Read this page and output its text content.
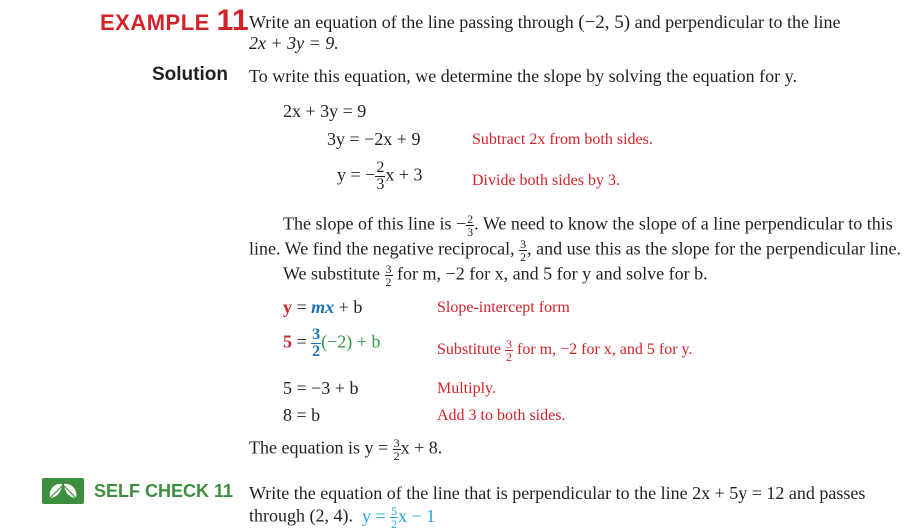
EXAMPLE 11 Write an equation of the line passing through (−2, 5) and perpendicular to the line
2x + 3y = 9.
Solution To write this equation, we determine the slope by solving the equation for y.
2x + 3y = 9
3y = −2x + 9	Subtract 2x from both sides.
y = − $\frac{2}{3}$ x + 3	Divide both sides by 3.
The slope of this line is − $\frac{2}{3}$ . We need to know the slope of a line perpendicular to this
line. We find the negative reciprocal, $\frac{3}{2}$ , and use this as the slope for the perpendicular line.
We substitute $\frac{3}{2}$ for m, −2 for x, and 5 for y and solve for b.
y = mx + b	Slope-intercept form
$5 = \frac{3}{2} (-2) + b$	Substitute $\frac{3}{2}$ for m, −2 for x, and 5 for y.
5 = −3 + b	Multiply.
8 = b	Add 3 to both sides.
The equation is $y = \frac{3}{2}$ x + 8.
SELF CHECK 11 Write the equation of the line that is perpendicular to the line 2x + 5y = 12 and passes
through (2, 4). $y = \frac{5}{2}$ x − 1
